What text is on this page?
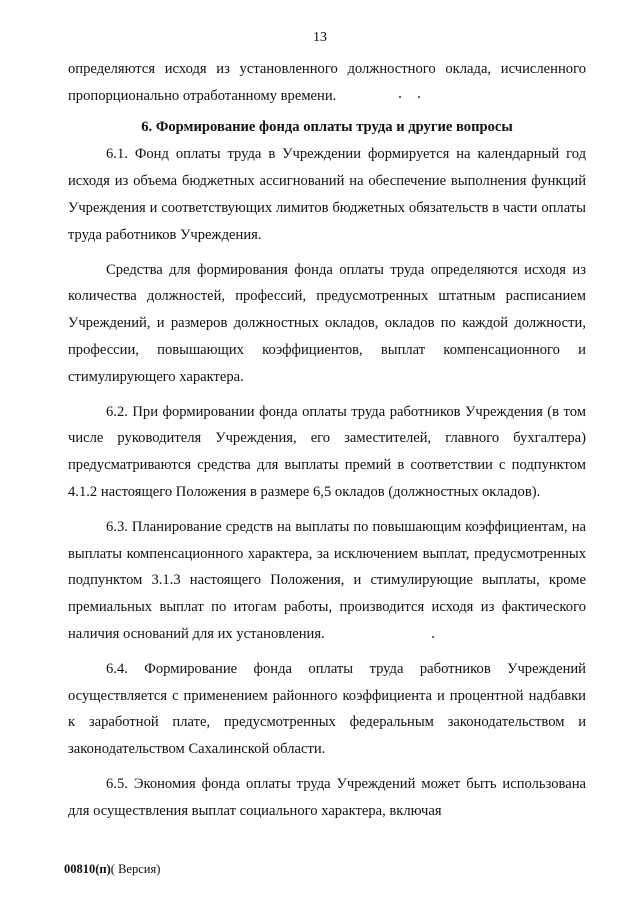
13

определяются исходя из установленного должностного оклада, исчисленного пропорционально отработанному времени.

6. Формирование фонда оплаты труда и другие вопросы

6.1. Фонд оплаты труда в Учреждении формируется на календарный год исходя из объема бюджетных ассигнований на обеспечение выполнения функций Учреждения и соответствующих лимитов бюджетных обязательств в части оплаты труда работников Учреждения.

Средства для формирования фонда оплаты труда определяются исходя из количества должностей, профессий, предусмотренных штатным расписанием Учреждений, и размеров должностных окладов, окладов по каждой должности, профессии, повышающих коэффициентов, выплат компенсационного и стимулирующего характера.

6.2. При формировании фонда оплаты труда работников Учреждения (в том числе руководителя Учреждения, его заместителей, главного бухгалтера) предусматриваются средства для выплаты премий в соответствии с подпунктом 4.1.2 настоящего Положения в размере 6,5 окладов (должностных окладов).

6.3. Планирование средств на выплаты по повышающим коэффициентам, на выплаты компенсационного характера, за исключением выплат, предусмотренных подпунктом 3.1.3 настоящего Положения, и стимулирующие выплаты, кроме премиальных выплат по итогам работы, производится исходя из фактического наличия оснований для их установления.

6.4. Формирование фонда оплаты труда работников Учреждений осуществляется с применением районного коэффициента и процентной надбавки к заработной плате, предусмотренных федеральным законодательством и законодательством Сахалинской области.

6.5. Экономия фонда оплаты труда Учреждений может быть использована для осуществления выплат социального характера, включая

00810(п)( Версия)
